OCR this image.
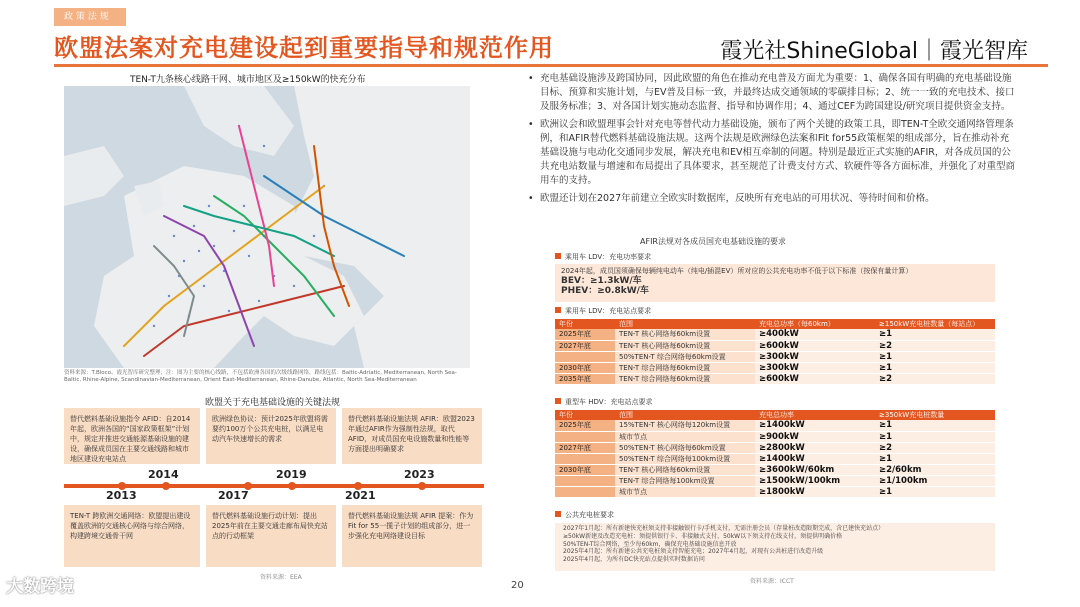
政 策 法 规
欧盟法案对充电建设起到重要指导和规范作用	霞光社ShineGlobal｜霞光智库
TEN-T九条核心线路干网、城市地区及≥150kW的快充分布
资料来源：T.Bloco、霞光智库研究整理；注：图为主要的核心线路，不包括欧洲各国的次级线路网络，路线包括：Baltic-Adriatic, Mediterranean, North Sea-Baltic, Rhine-Alpine, Scandinavian-Mediterranean, Orient East-Mediterranean, Rhine-Danube, Atlantic, North Sea-Mediterranean
欧盟关于充电基础设施的关键法规
替代燃料基础设施指令 AFID：自2014年起，欧洲各国的“国家政策框架”计划中，规定并推进交通能源基础设施的建设，确保成员国在主要交通线路和城市地区建设充电站点
欧洲绿色协议：预计2025年欧盟将需要约100万个公共充电桩，以满足电动汽车快速增长的需求
替代燃料基础设施法规 AFIR：欧盟2023年通过AFIR作为强制性法规，取代AFID，对成员国充电设施数量和性能等方面提出明确要求
2014	2019	2023
2013	2017	2021
TEN-T 跨欧洲交通网络：欧盟提出建设覆盖欧洲的交通核心网络与综合网络，构建跨境交通骨干网
替代燃料基础设施行动计划：提出2025年前在主要交通走廊布局快充站点的行动框架
替代燃料基础设施法规 AFIR 提案：作为Fit for 55一揽子计划的组成部分，进一步强化充电网络建设目标
资料来源：EEA
• 充电基础设施涉及跨国协同，因此欧盟的角色在推动充电普及方面尤为重要：1、确保各国有明确的充电基础设施目标、预算和实施计划，与EV普及目标一致，并最终达成交通领域的零碳排目标；2、统一一致的充电技术、接口及服务标准；3、对各国计划实施动态监督、指导和协调作用；4、通过CEF为跨国建设/研究项目提供资金支持。
• 欧洲议会和欧盟理事会针对充电等替代动力基础设施，颁布了两个关键的政策工具，即TEN-T全欧交通网络管理条例，和AFIR替代燃料基础设施法规。这两个法规是欧洲绿色法案和Fit for55政策框架的组成部分，旨在推动补充基础设施与电动化交通同步发展，解决充电和EV相互牵制的问题。特别是最近正式实施的AFIR，对各成员国的公共充电站数量与增速和布局提出了具体要求，甚至规范了计费支付方式、软硬件等各方面标准，并强化了对重型商用车的支持。
• 欧盟还计划在2027年前建立全欧实时数据库，反映所有充电站的可用状况、等待时间和价格。
AFIR法规对各成员国充电基础设施的要求
乘用车 LDV：充电功率要求
2024年起，成员国须确保每辆纯电动车（纯电/插混EV）所对应的公共充电功率不低于以下标准（按保有量计算）
BEV：≥1.3kW/车
PHEV：≥0.8kW/车
乘用车 LDV：充电站点要求
年份	范围	充电总功率（每60km）	≥150kW充电桩数量（每站点）
2025年底	TEN-T 核心网络每60km设置	≥400kW	≥1
2027年底	TEN-T 核心网络每60km设置	≥600kW	≥2
	50%TEN-T 综合网络每60km设置	≥300kW	≥1
2030年底	TEN-T 综合网络每60km设置	≥300kW	≥1
2035年底	TEN-T 综合网络每60km设置	≥600kW	≥2
重型车 HDV：充电站点要求
年份	范围	充电总功率	≥350kW充电桩数量
2025年底	15%TEN-T 核心网络每120km设置	≥1400kW	≥1
	城市节点	≥900kW	≥1
2027年底	50%TEN-T 核心网络每60km设置	≥2800kW	≥2
	50%TEN-T 综合网络每100km设置	≥1400kW	≥1
2030年底	TEN-T 核心网络每60km设置	≥3600kW/60km	≥2/60km
	TEN-T 综合网络每100km设置	≥1500kW/100km	≥1/100km
	城市节点	≥1800kW	≥1
公共充电桩要求
2027年1月起：所有新建快充桩须支持非接触银行卡/手机支付，无需注册会员（存量桩改造限期完成，含已建快充站点）
≥50kW新建及改造充电桩：须提供银行卡、非接触式支付，50kW以下须支持在线支付，须提供明确价格
50%TEN-T综合网络，至少每60km，确保充电基础设施信息开放
2025年4月起：所有新建公共充电桩须支持智能充电；2027年4月起，对现有公共桩进行改造升级
2025年4月起，为所有DC快充站点提供实时数据访问
资料来源：ICCT
20
大数跨境
